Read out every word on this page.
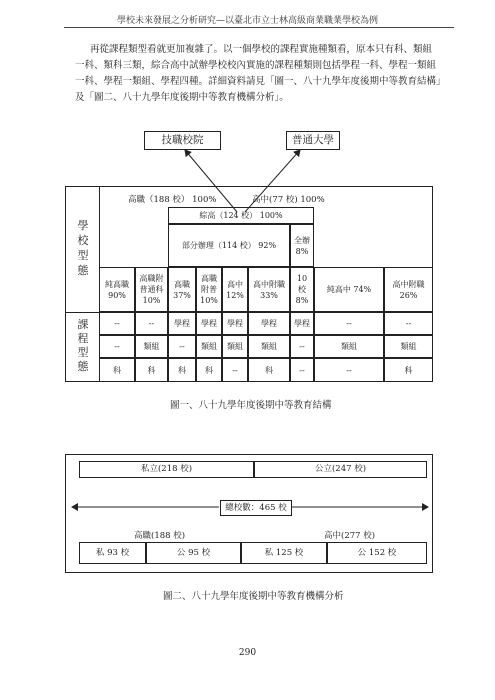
學校未來發展之分析研究—以臺北市立士林高級商業職業學校為例
再從課程類型看就更加複雜了。以一個學校的課程實施種類看，原本只有科、類組
一科、類科三類，綜合高中試辦學校校內實施的課程種類則包括學程一科、學程一類組
一科、學程一類組、學程四種。詳細資料請見「圖一、八十九學年度後期中等教育結構」
及「圖二、八十九學年度後期中等教育機構分析」。
技職校院	普通大學
學
校
型
態
課
程
型
態
高職（188 校） 100%	高中(77 校) 100%
綜高（124 校） 100%
部分辦理（114 校） 92%
全辦
8%
純高職
90%
高職附
普通科
10%
高職
37%
高職
附普
10%
高中
12%
高中附職
33%
10
校
8%
純高中 74%
高中附職
26%
--	--	學程	學程	學程	學程	學程	--	--
--	類組	--	類組	類組	類組	--	類組	類組
科	科	科	科	--	科	--	--	科
圖一、八十九學年度後期中等教育結構
私立(218 校)	公立(247 校)
總校數：465 校
高職(188 校)	高中(277 校)
私 93 校	公 95 校	私 125 校	公 152 校
圖二、八十九學年度後期中等教育機構分析
290
